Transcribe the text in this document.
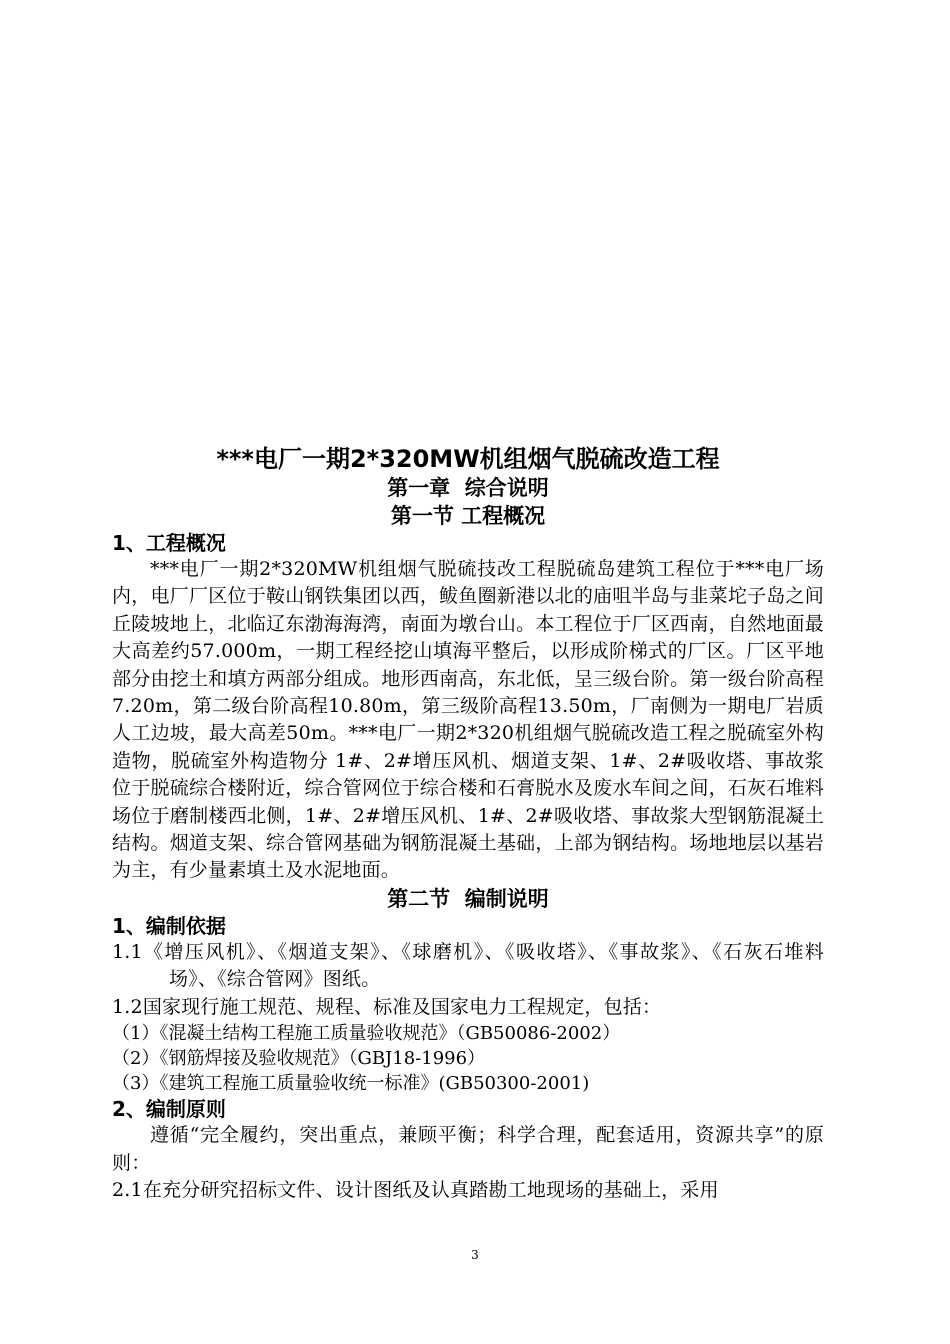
***电厂一期2*320MW机组烟气脱硫改造工程

第一章  综合说明

第一节 工程概况

1、工程概况

***电厂一期2*320MW机组烟气脱硫技改工程脱硫岛建筑工程位于***电厂场内，电厂厂区位于鞍山钢铁集团以西，鲅鱼圈新港以北的庙咀半岛与韭菜坨子岛之间丘陵坡地上，北临辽东渤海海湾，南面为墩台山。本工程位于厂区西南，自然地面最大高差约57.000m，一期工程经挖山填海平整后，以形成阶梯式的厂区。厂区平地部分由挖土和填方两部分组成。地形西南高，东北低，呈三级台阶。第一级台阶高程7.20m，第二级台阶高程10.80m，第三级阶高程13.50m，厂南侧为一期电厂岩质人工边坡，最大高差50m。***电厂一期2*320机组烟气脱硫改造工程之脱硫室外构造物，脱硫室外构造物分 1#、2#增压风机、烟道支架、1#、2#吸收塔、事故浆位于脱硫综合楼附近，综合管网位于综合楼和石膏脱水及废水车间之间，石灰石堆料场位于磨制楼西北侧，1#、2#增压风机、1#、2#吸收塔、事故浆大型钢筋混凝土结构。烟道支架、综合管网基础为钢筋混凝土基础，上部为钢结构。场地地层以基岩为主，有少量素填土及水泥地面。

第二节  编制说明

1、编制依据

1.1《增压风机》、《烟道支架》、《球磨机》、《吸收塔》、《事故浆》、《石灰石堆料场》、《综合管网》图纸。

1.2国家现行施工规范、规程、标准及国家电力工程规定，包括：

（1）《混凝土结构工程施工质量验收规范》（GB50086-2002）

（2）《钢筋焊接及验收规范》（GBJ18-1996）

（3）《建筑工程施工质量验收统一标准》(GB50300-2001)

2、编制原则

遵循“完全履约，突出重点，兼顾平衡；科学合理，配套适用，资源共享”的原则：

2.1在充分研究招标文件、设计图纸及认真踏勘工地现场的基础上，采用

3
